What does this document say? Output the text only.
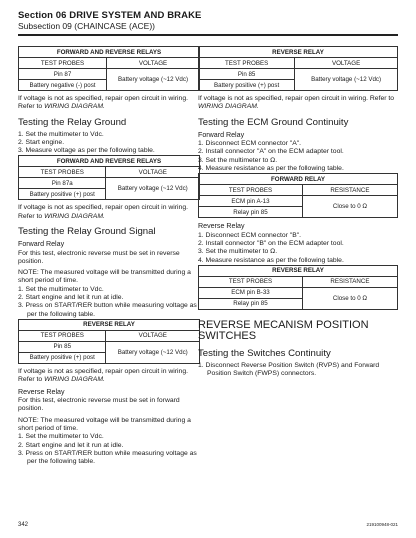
Section 06 DRIVE SYSTEM AND BRAKE
Subsection 09 (CHAINCASE (ACE))
FORWARD AND REVERSE RELAYS	
TEST PROBES	VOLTAGE
Pin 87	Battery voltage (~12 Vdc)
Battery negative (-) post	

If voltage is not as specified, repair open circuit in wiring. Refer to WIRING DIAGRAM.

Testing the Relay Ground

1. Set the multimeter to Vdc.

2. Start engine.

3. Measure voltage as per the following table.

FORWARD AND REVERSE RELAYS	
TEST PROBES	VOLTAGE
Pin 87a	Battery voltage (~12 Vdc)
Battery positive (+) post	

If voltage is not as specified, repair open circuit in wiring. Refer to WIRING DIAGRAM.

Testing the Relay Ground Signal
Forward Relay

For this test, electronic reverse must be set in reverse position.

NOTE: The measured voltage will be transmitted during a short period of time.

1. Set the multimeter to Vdc.

2. Start engine and let it run at idle.

3. Press on START/RER button while measuring voltage as per the following table.

REVERSE RELAY	
TEST PROBES	VOLTAGE
Pin 85	Battery voltage (~12 Vdc)
Battery positive (+) post	

If voltage is not as specified, repair open circuit in wiring. Refer to WIRING DIAGRAM.

Reverse Relay

For this test, electronic reverse must be set in forward position.

NOTE: The measured voltage will be transmitted during a short period of time.

1. Set the multimeter to Vdc.

2. Start engine and let it run at idle.

3. Press on START/RER button while measuring voltage as per the following table.

REVERSE RELAY	
TEST PROBES	VOLTAGE
Pin 85	Battery voltage (~12 Vdc)
Battery positive (+) post	

If voltage is not as specified, repair open circuit in wiring. Refer to WIRING DIAGRAM.

Testing the ECM Ground Continuity
Forward Relay

1. Disconnect ECM connector "A".

2. Install connector "A" on the ECM adapter tool.

3. Set the multimeter to Ω.

4. Measure resistance as per the following table.

FORWARD RELAY	
TEST PROBES	RESISTANCE
ECM pin A-13	Close to 0 Ω
Relay pin 85	
Reverse Relay

1. Disconnect ECM connector "B".

2. Install connector "B" on the ECM adapter tool.

3. Set the multimeter to Ω.

4. Measure resistance as per the following table.

REVERSE RELAY	
TEST PROBES	RESISTANCE
ECM pin B-33	Close to 0 Ω
Relay pin 85	
REVERSE MECANISM POSITION SWITCHES
Testing the Switches Continuity

1. Disconnect Reverse Position Switch (RVPS) and Forward Position Switch (FWPS) connectors.

342	219100948-021
